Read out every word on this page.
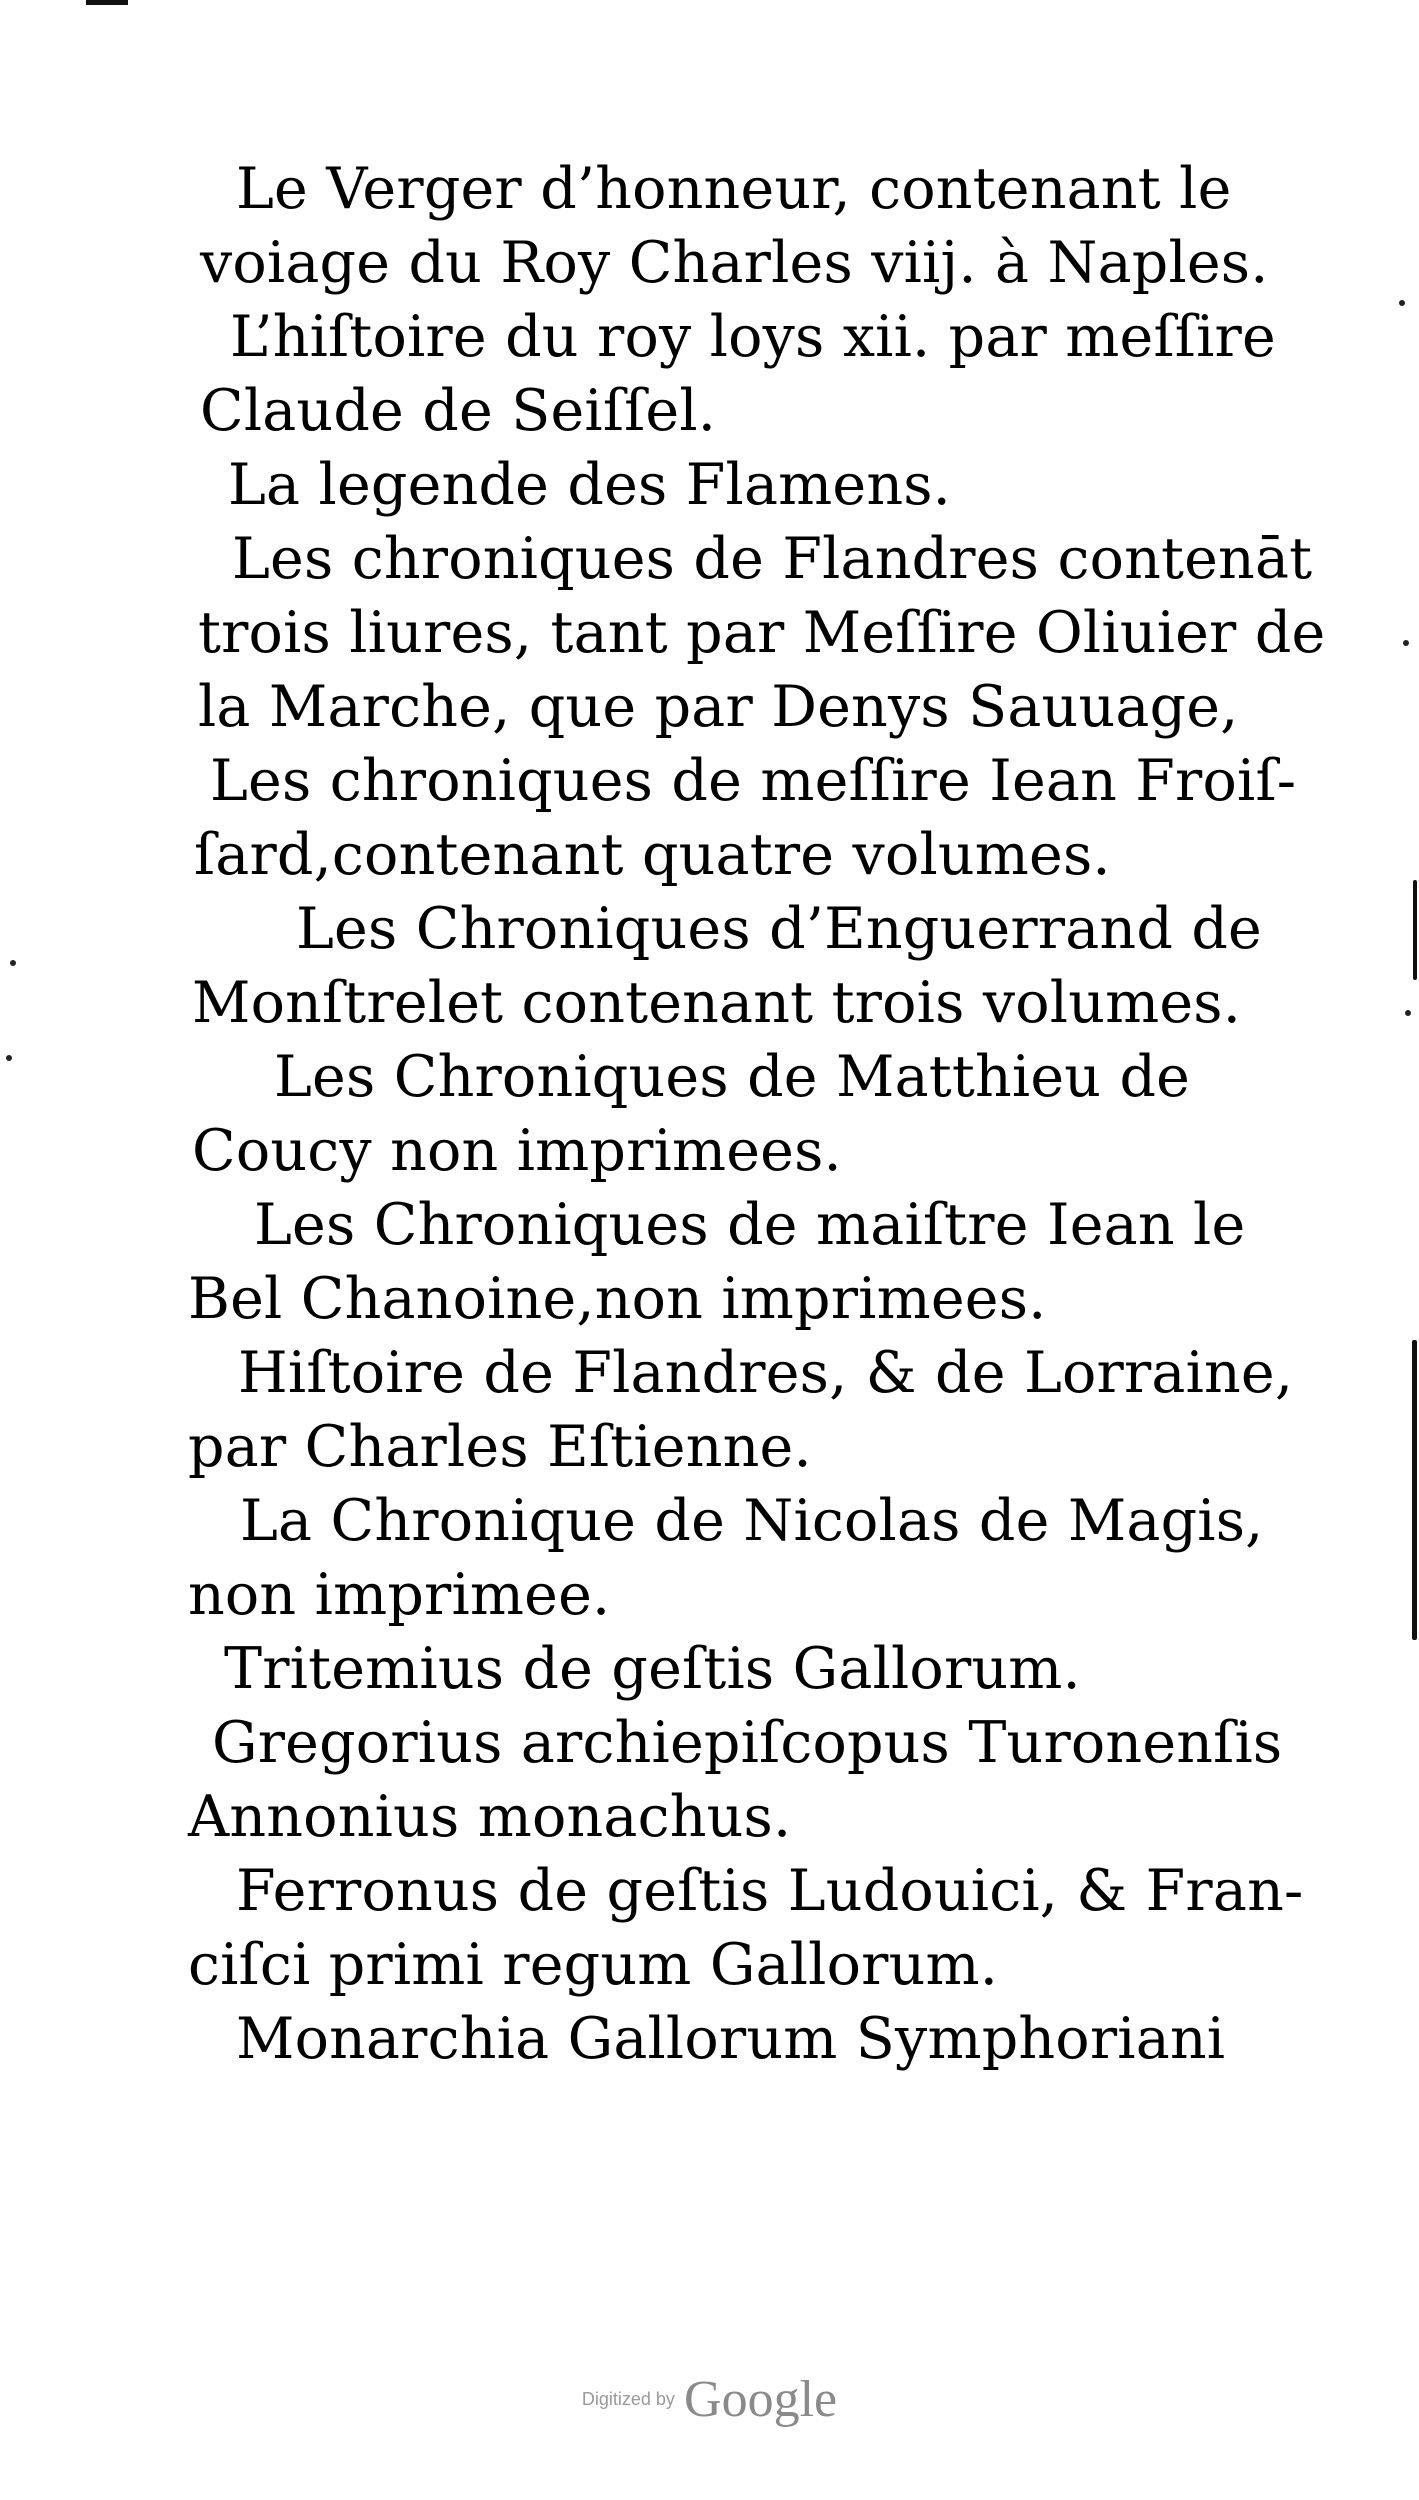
Le Verger d’honneur, contenant le
voiage du Roy Charles viij. à Naples.
L’hiſtoire du roy loys xii. par meſſire
Claude de Seiſſel.
La legende des Flamens.
Les chroniques de Flandres contenāt
trois liures, tant par Meſſire Oliuier de
la Marche, que par Denys Sauuage,
Les chroniques de meſſire Iean Froiſ-
ſard,contenant quatre volumes.
Les Chroniques d’Enguerrand de
Monſtrelet contenant trois volumes.
Les Chroniques de Matthieu de
Coucy non imprimees.
Les Chroniques de maiſtre Iean le
Bel Chanoine,non imprimees.
Hiſtoire de Flandres, & de Lorraine,
par Charles Eſtienne.
La Chronique de Nicolas de Magis,
non imprimee.
Tritemius de geſtis Gallorum.
Gregorius archiepiſcopus Turonenſis
Annonius monachus.
Ferronus de geſtis Ludouici, & Fran-
ciſci primi regum Gallorum.
Monarchia Gallorum Symphoriani
Digitized by Google
